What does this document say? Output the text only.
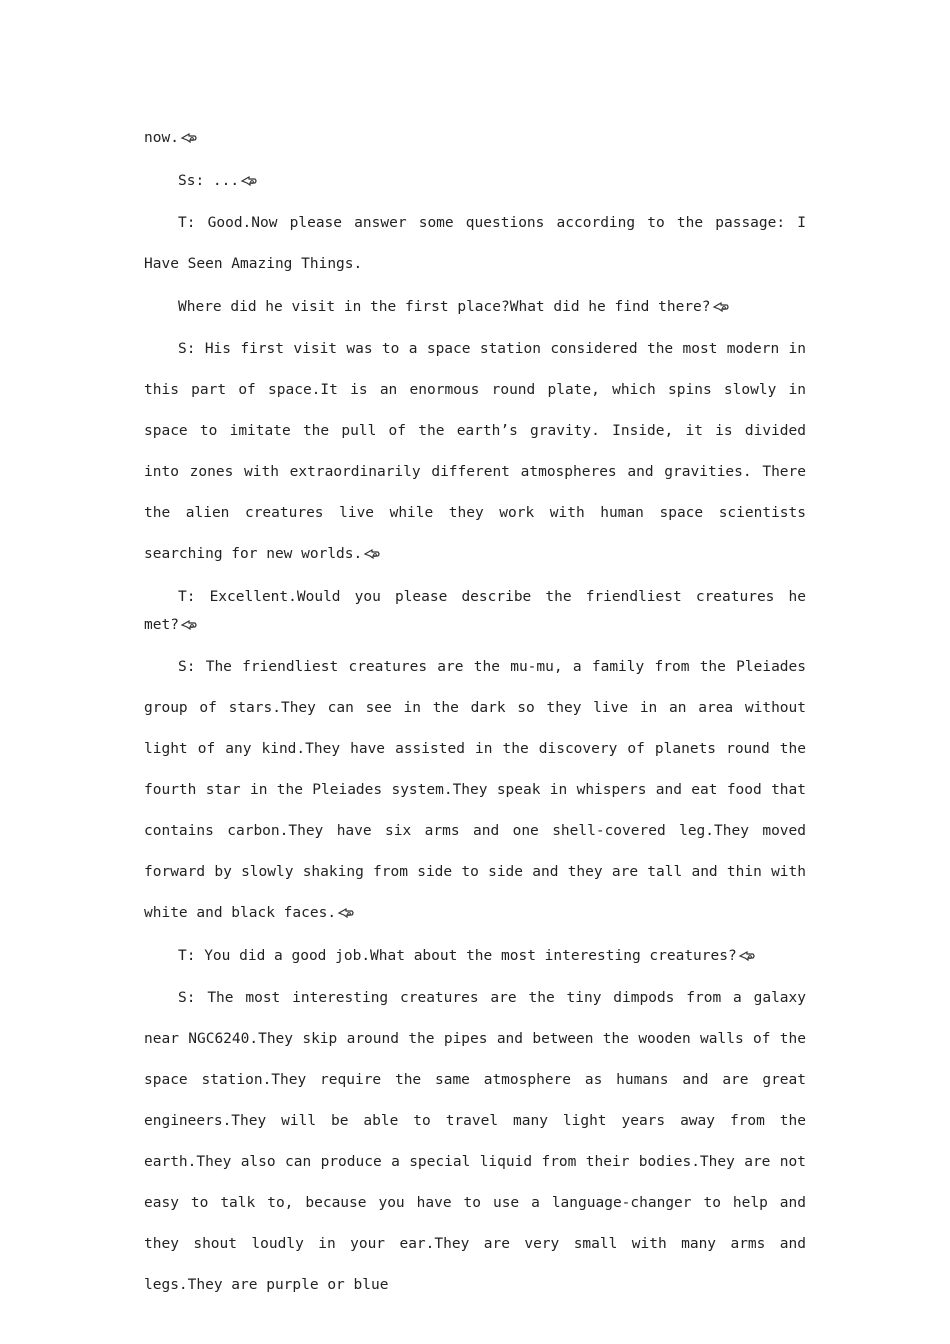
now.

Ss: ...

T: Good.Now please answer some questions according to the passage: I Have Seen Amazing Things.

Where did he visit in the first place?What did he find there?

S: His first visit was to a space station considered the most modern in this part of space.It is an enormous round plate, which spins slowly in space to imitate the pull of the earth’s gravity. Inside, it is divided into zones with extraordinarily different atmospheres and gravities. There the alien creatures live while they work with human space scientists searching for new worlds.

T: Excellent.Would you please describe the friendliest creatures he met?

S: The friendliest creatures are the mu-mu, a family from the Pleiades group of stars.They can see in the dark so they live in an area without light of any kind.They have assisted in the discovery of planets round the fourth star in the Pleiades system.They speak in whispers and eat food that contains carbon.They have six arms and one shell-covered leg.They moved forward by slowly shaking from side to side and they are tall and thin with white and black faces.

T: You did a good job.What about the most interesting creatures?

S: The most interesting creatures are the tiny dimpods from a galaxy near NGC6240.They skip around the pipes and between the wooden walls of the space station.They require the same atmosphere as humans and are great engineers.They will be able to travel many light years away from the earth.They also can produce a special liquid from their bodies.They are not easy to talk to, because you have to use a language-changer to help and they shout loudly in your ear.They are very small with many arms and legs.They are purple or blue
